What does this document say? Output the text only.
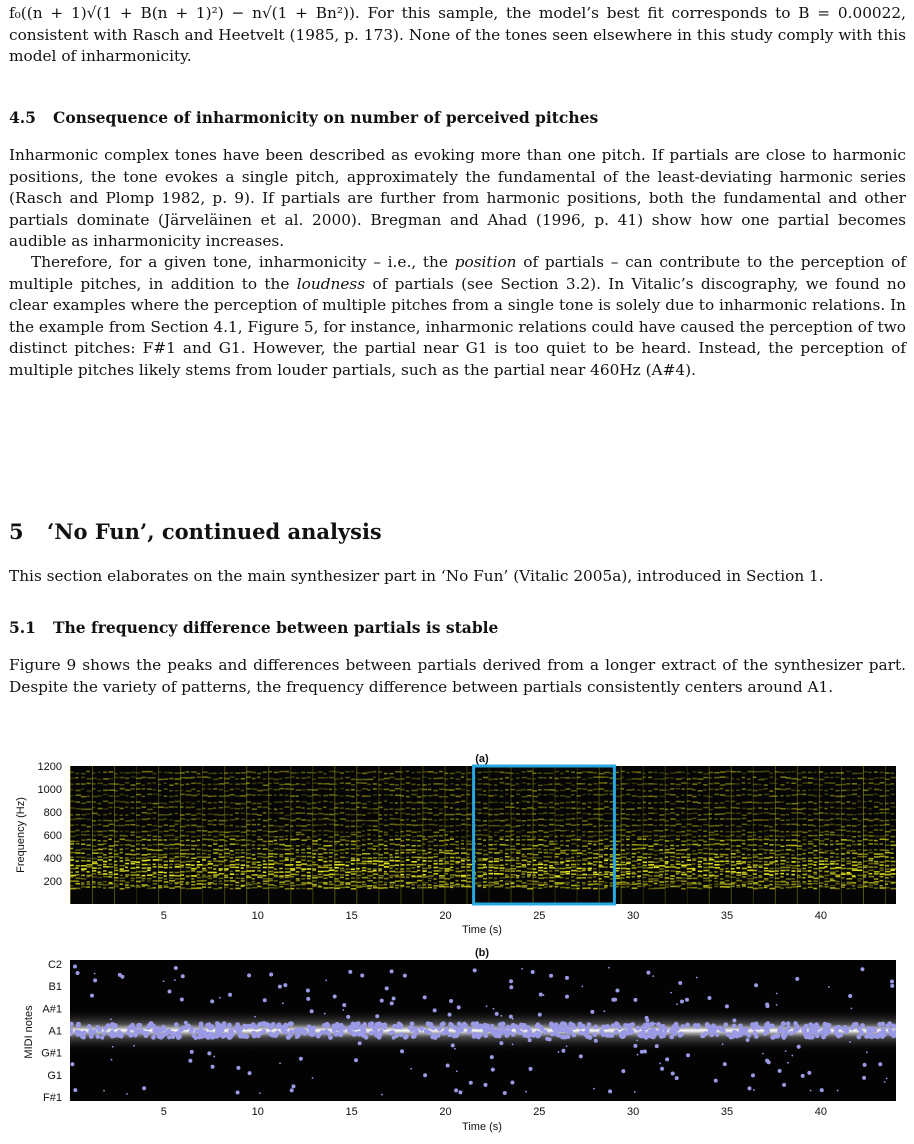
f₀((n + 1)√(1 + B(n + 1)²) − n√(1 + Bn²)). For this sample, the model’s best fit corresponds to B = 0.00022, consistent with Rasch and Heetvelt (1985, p. 173). None of the tones seen elsewhere in this study comply with this model of inharmonicity.

4.5 Consequence of inharmonicity on number of perceived pitches

Inharmonic complex tones have been described as evoking more than one pitch. If partials are close to harmonic positions, the tone evokes a single pitch, approximately the fundamental of the least-deviating harmonic series (Rasch and Plomp 1982, p. 9). If partials are further from harmonic positions, both the fundamental and other partials dominate (Järveläinen et al. 2000). Bregman and Ahad (1996, p. 41) show how one partial becomes audible as inharmonicity increases.

Therefore, for a given tone, inharmonicity – i.e., the position of partials – can contribute to the perception of multiple pitches, in addition to the loudness of partials (see Section 3.2). In Vitalic’s discography, we found no clear examples where the perception of multiple pitches from a single tone is solely due to inharmonic relations. In the example from Section 4.1, Figure 5, for instance, inharmonic relations could have caused the perception of two distinct pitches: F#1 and G1. However, the partial near G1 is too quiet to be heard. Instead, the perception of multiple pitches likely stems from louder partials, such as the partial near 460Hz (A#4).

5 ‘No Fun’, continued analysis

This section elaborates on the main synthesizer part in ‘No Fun’ (Vitalic 2005a), introduced in Section 1.

5.1 The frequency difference between partials is stable

Figure 9 shows the peaks and differences between partials derived from a longer extract of the synthesizer part. Despite the variety of patterns, the frequency difference between partials consistently centers around A1.

(a)
5	10	15	20	25	30	35	40
200
400
600
800
1000
1200
Time (s)
Frequency (Hz)
(b)
5	10	15	20	25	30	35	40
F#1
G1
G#1
A1
A#1
B1
C2
Time (s)
MIDI notes
